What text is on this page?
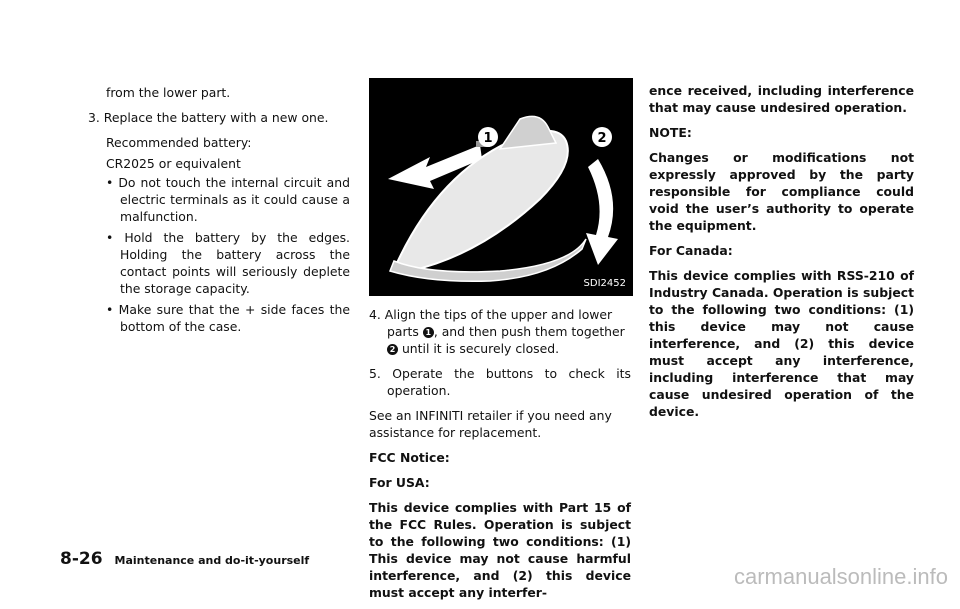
from the lower part.

3. Replace the battery with a new one.

Recommended battery:

CR2025 or equivalent

• Do not touch the internal circuit and electric terminals as it could cause a malfunction.

• Hold the battery by the edges. Holding the battery across the contact points will seriously deplete the storage capacity.

• Make sure that the + side faces the bottom of the case.

1	2
SDI2452

4. Align the tips of the upper and lower parts 1 , and then push them together 2 until it is securely closed.

5. Operate the buttons to check its operation.

See an INFINITI retailer if you need any assistance for replacement.

FCC Notice:

For USA:

This device complies with Part 15 of the FCC Rules. Operation is subject to the following two conditions: (1) This device may not cause harmful interference, and (2) this device must accept any interfer-

ence received, including interference that may cause undesired operation.

NOTE:

Changes or modifications not expressly approved by the party responsible for compliance could void the user’s authority to operate the equipment.

For Canada:

This device complies with RSS-210 of Industry Canada. Operation is subject to the following two conditions: (1) this device may not cause interference, and (2) this device must accept any interference, including interference that may cause undesired operation of the device.

8-26 Maintenance and do-it-yourself
carmanualsonline.info
